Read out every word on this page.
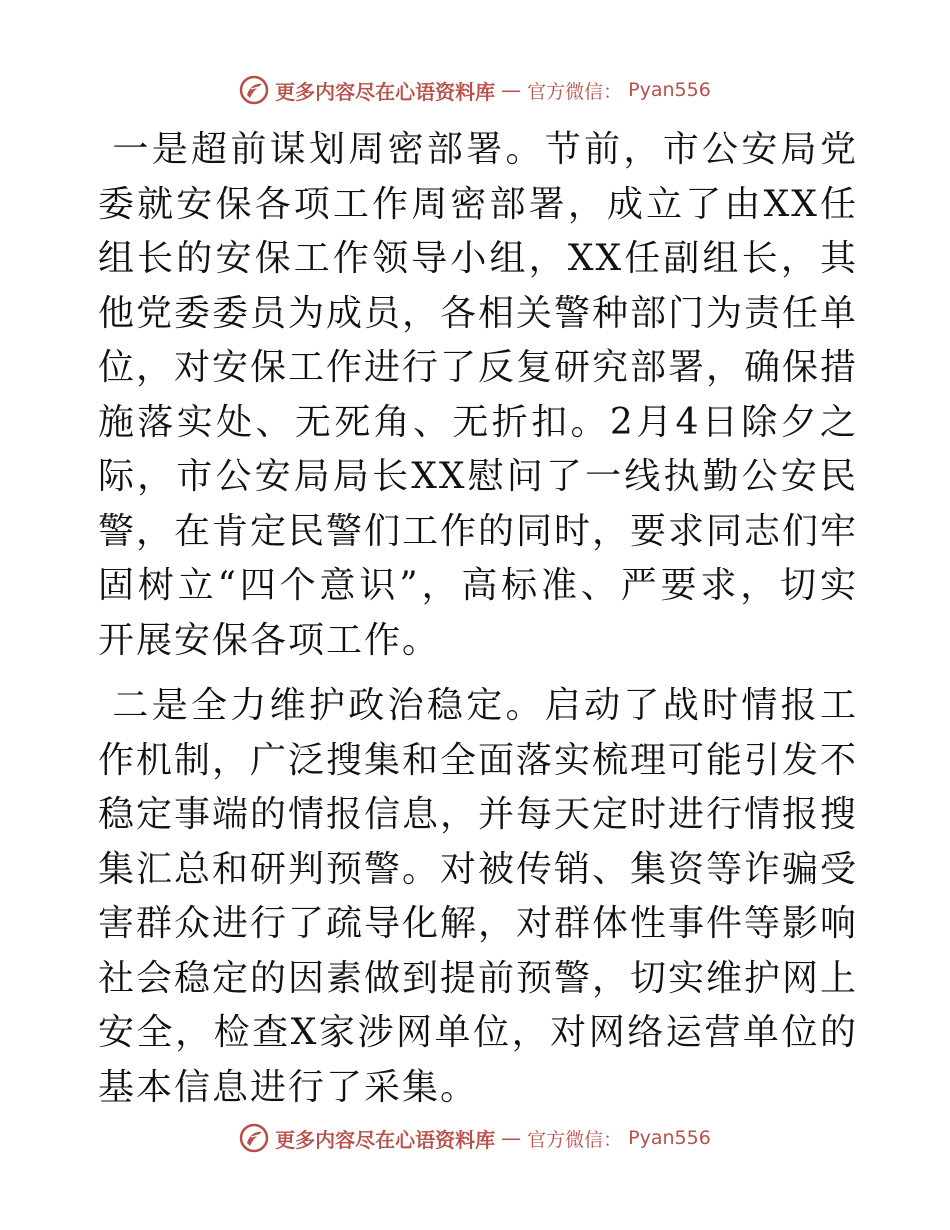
更多内容尽在心语资料库 — 官方微信： Pyan556

一是超前谋划周密部署。节前，市公安局党委就安保各项工作周密部署，成立了由XX任组长的安保工作领导小组，XX任副组长，其他党委委员为成员，各相关警种部门为责任单位，对安保工作进行了反复研究部署，确保措施落实处、无死角、无折扣。2月4日除夕之际，市公安局局长XX慰问了一线执勤公安民警，在肯定民警们工作的同时，要求同志们牢固树立“四个意识”，高标准、严要求，切实开展安保各项工作。

二是全力维护政治稳定。启动了战时情报工作机制，广泛搜集和全面落实梳理可能引发不稳定事端的情报信息，并每天定时进行情报搜集汇总和研判预警。对被传销、集资等诈骗受害群众进行了疏导化解，对群体性事件等影响社会稳定的因素做到提前预警，切实维护网上安全，检查X家涉网单位，对网络运营单位的基本信息进行了采集。

更多内容尽在心语资料库 — 官方微信： Pyan556
